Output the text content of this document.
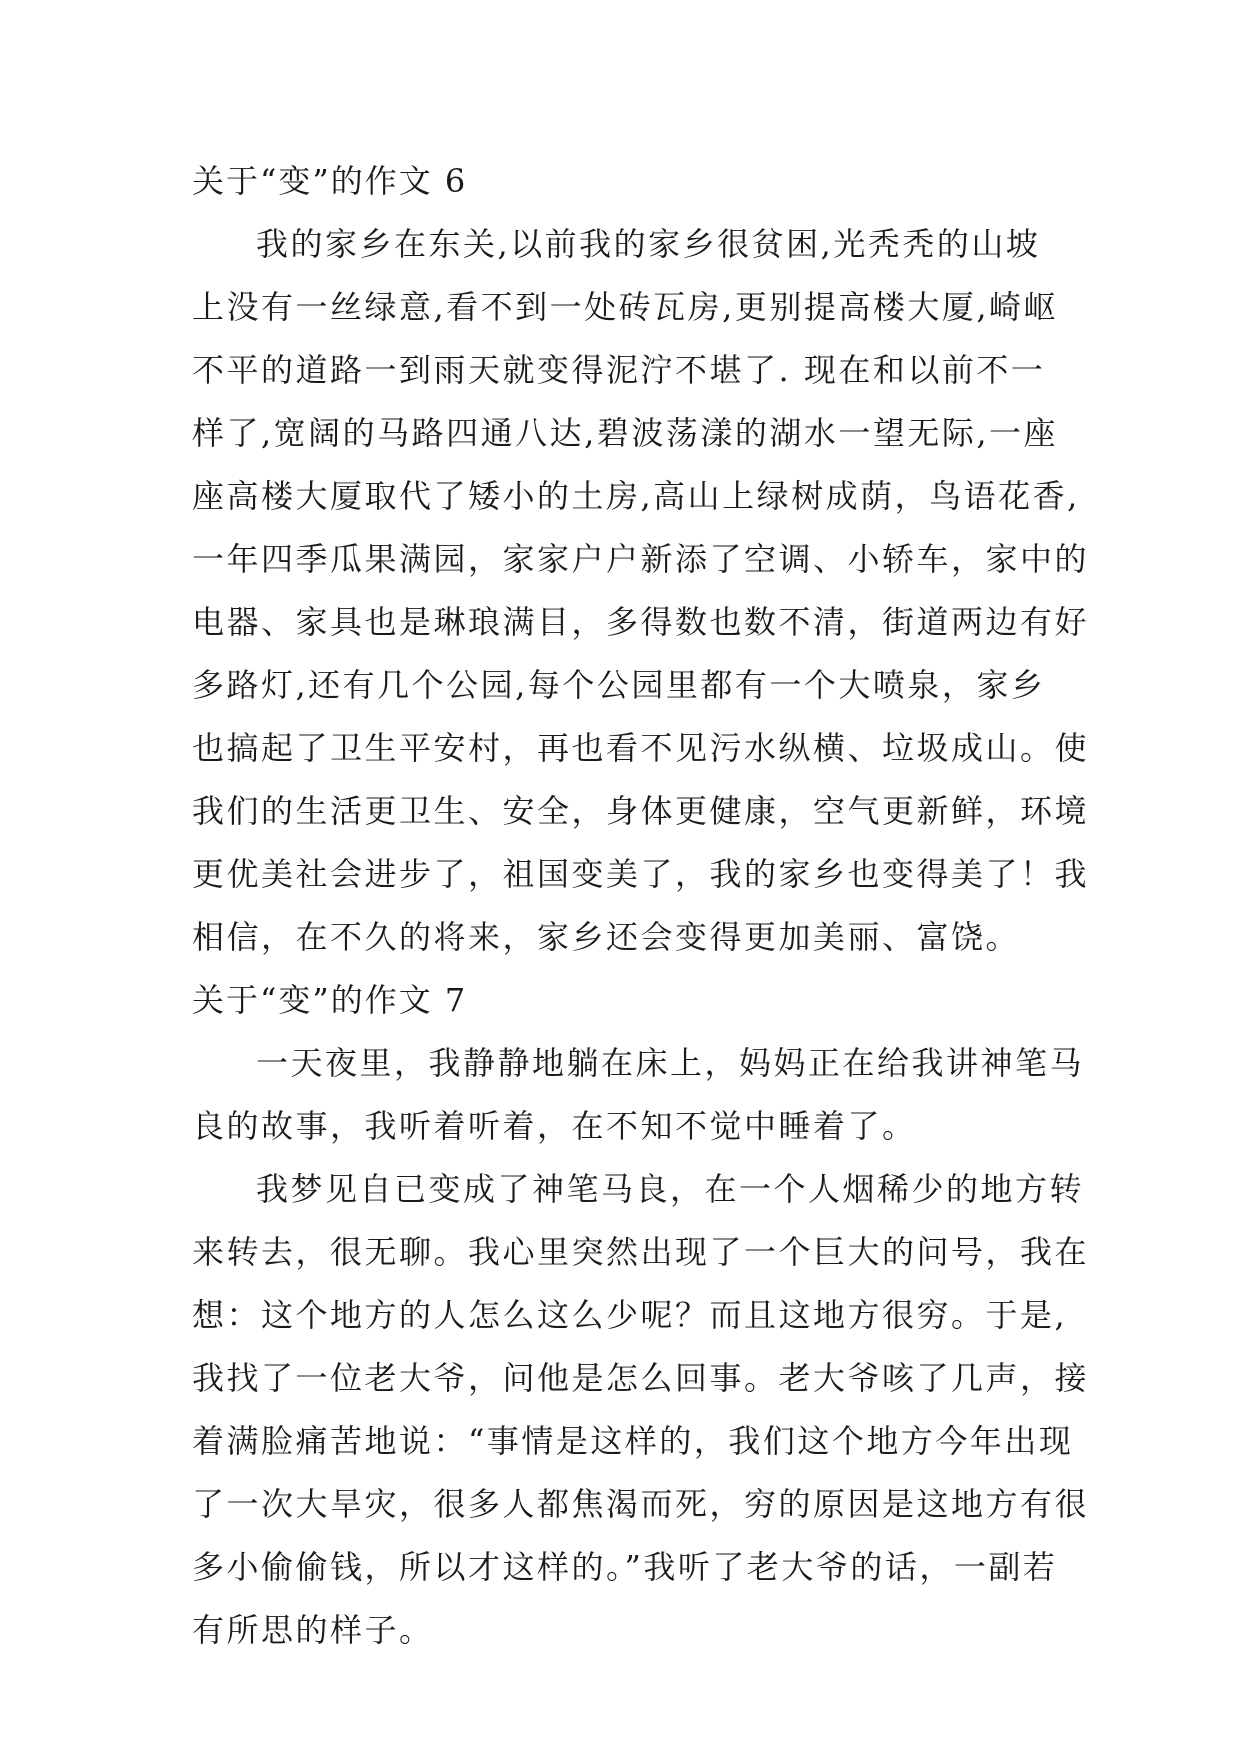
关于“变”的作文 6
我的家乡在东关,以前我的家乡很贫困,光秃秃的山坡
上没有一丝绿意,看不到一处砖瓦房,更别提高楼大厦,崎岖
不平的道路一到雨天就变得泥泞不堪了. 现在和以前不一
样了,宽阔的马路四通八达,碧波荡漾的湖水一望无际,一座
座高楼大厦取代了矮小的土房,高山上绿树成荫，鸟语花香,
一年四季瓜果满园，家家户户新添了空调、小轿车，家中的
电器、家具也是琳琅满目，多得数也数不清，街道两边有好
多路灯,还有几个公园,每个公园里都有一个大喷泉，家乡
也搞起了卫生平安村，再也看不见污水纵横、垃圾成山。使
我们的生活更卫生、安全，身体更健康，空气更新鲜，环境
更优美社会进步了，祖国变美了，我的家乡也变得美了！我
相信，在不久的将来，家乡还会变得更加美丽、富饶。
关于“变”的作文 7
一天夜里，我静静地躺在床上，妈妈正在给我讲神笔马
良的故事，我听着听着，在不知不觉中睡着了。
我梦见自已变成了神笔马良，在一个人烟稀少的地方转
来转去，很无聊。我心里突然出现了一个巨大的问号，我在
想：这个地方的人怎么这么少呢？而且这地方很穷。于是,
我找了一位老大爷，问他是怎么回事。老大爷咳了几声，接
着满脸痛苦地说：“事情是这样的，我们这个地方今年出现
了一次大旱灾，很多人都焦渴而死，穷的原因是这地方有很
多小偷偷钱，所以才这样的。”我听了老大爷的话，一副若
有所思的样子。
